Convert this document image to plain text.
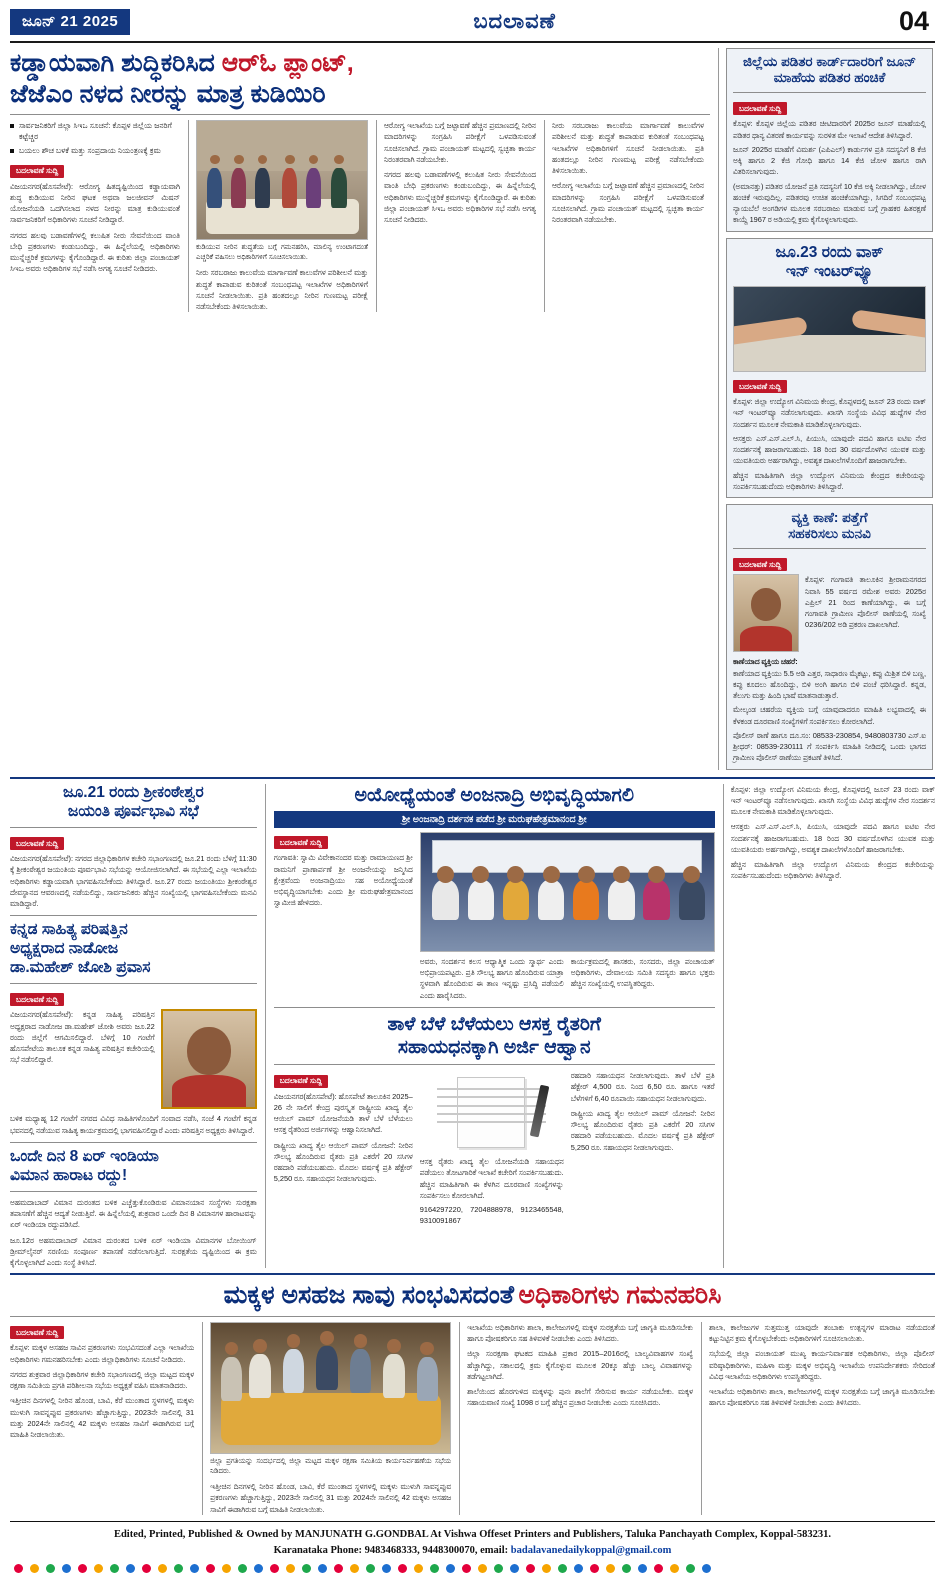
ಜೂನ್ 21 2025	ಬದಲಾವಣೆ	04
ಕಡ್ಡಾಯವಾಗಿ ಶುದ್ಧಿಕರಿಸಿದ ಆರ್‌ಓ ಪ್ಲಾಂಟ್‌,
ಜೆಜೆಎಂ ನಳದ ನೀರನ್ನು ಮಾತ್ರ ಕುಡಿಯಿರಿ
ಸಾರ್ವಜನಿಕರಿಗೆ ಜಿಲ್ಲಾ ಸಿಇಒ ಸೂಚನೆ: ಕೊಪ್ಪಳ ಜಿಲ್ಲೆಯ ಜನರಿಗೆ ಕಟ್ಟೆಚ್ಚರ
ಬಯಲು ಶೌಚ ಬಳಕೆ ಮತ್ತು ಸಂಪ್ರದಾಯ ನಿಯಂತ್ರಣಕ್ಕೆ ಕ್ರಮ
ಬದಲಾವಣೆ ಸುದ್ದಿ
ವಿಜಯನಗರ(ಹೊಸಪೇಟೆ): ಆರೋಗ್ಯ ಹಿತದೃಷ್ಟಿಯಿಂದ ಕಡ್ಡಾಯವಾಗಿ ಶುದ್ಧ ಕುಡಿಯುವ ನೀರಿನ ಘಟಕ ಅಥವಾ ಜಲಜೀವನ್ ಮಿಷನ್ ಯೋಜನೆಯಡಿ ಒದಗಿಸಲಾದ ನಳದ ನೀರನ್ನು ಮಾತ್ರ ಕುಡಿಯುವಂತೆ ಸಾರ್ವಜನಿಕರಿಗೆ ಅಧಿಕಾರಿಗಳು ಸೂಚನೆ ನೀಡಿದ್ದಾರೆ.
ನಗರದ ಹಲವು ಬಡಾವಣೆಗಳಲ್ಲಿ ಕಲುಷಿತ ನೀರು ಸೇವನೆಯಿಂದ ವಾಂತಿ ಬೇಧಿ ಪ್ರಕರಣಗಳು ಕಂಡುಬಂದಿದ್ದು, ಈ ಹಿನ್ನೆಲೆಯಲ್ಲಿ ಅಧಿಕಾರಿಗಳು ಮುನ್ನೆಚ್ಚರಿಕೆ ಕ್ರಮಗಳನ್ನು ಕೈಗೊಂಡಿದ್ದಾರೆ. ಈ ಕುರಿತು ಜಿಲ್ಲಾ ಪಂಚಾಯತ್ ಸಿಇಒ ಅವರು ಅಧಿಕಾರಿಗಳ ಸಭೆ ನಡೆಸಿ ಅಗತ್ಯ ಸೂಚನೆ ನೀಡಿದರು.
ಕುಡಿಯುವ ನೀರಿನ ಶುದ್ಧತೆಯ ಬಗ್ಗೆ ಗಮನಹರಿಸಿ, ಮಾಲಿನ್ಯ ಉಂಟಾಗದಂತೆ ಎಚ್ಚರಿಕೆ ವಹಿಸಲು ಅಧಿಕಾರಿಗಳಿಗೆ ಸೂಚಿಸಲಾಯಿತು.
ನೀರು ಸರಬರಾಜು ಕಾಲುವೆಯ ಮಾರ್ಗಾವಣೆ ಕಾಲುವೆಗಳ ಪರಿಶೀಲನೆ ಮತ್ತು ಶುದ್ಧತೆ ಕಾಪಾಡುವ ಕುರಿತಂತೆ ಸಂಬಂಧಪಟ್ಟ ಇಲಾಖೆಗಳ ಅಧಿಕಾರಿಗಳಿಗೆ ಸೂಚನೆ ನೀಡಲಾಯಿತು. ಪ್ರತಿ ಹಂತದಲ್ಲೂ ನೀರಿನ ಗುಣಮಟ್ಟ ಪರೀಕ್ಷೆ ನಡೆಸಬೇಕೆಂದು ತಿಳಿಸಲಾಯಿತು.
ಆರೋಗ್ಯ ಇಲಾಖೆಯ ಬಗ್ಗೆ ಜಟ್ಟಾವಣೆ ಹೆಚ್ಚಿನ ಪ್ರಮಾಣದಲ್ಲಿ ನೀರಿನ ಮಾದರಿಗಳನ್ನು ಸಂಗ್ರಹಿಸಿ ಪರೀಕ್ಷೆಗೆ ಒಳಪಡಿಸುವಂತೆ ಸೂಚಿಸಲಾಗಿದೆ. ಗ್ರಾಮ ಪಂಚಾಯತ್ ಮಟ್ಟದಲ್ಲಿ ಸ್ವಚ್ಛತಾ ಕಾರ್ಯ ನಿರಂತರವಾಗಿ ನಡೆಯಬೇಕು.
ನಗರದ ಹಲವು ಬಡಾವಣೆಗಳಲ್ಲಿ ಕಲುಷಿತ ನೀರು ಸೇವನೆಯಿಂದ ವಾಂತಿ ಬೇಧಿ ಪ್ರಕರಣಗಳು ಕಂಡುಬಂದಿದ್ದು, ಈ ಹಿನ್ನೆಲೆಯಲ್ಲಿ ಅಧಿಕಾರಿಗಳು ಮುನ್ನೆಚ್ಚರಿಕೆ ಕ್ರಮಗಳನ್ನು ಕೈಗೊಂಡಿದ್ದಾರೆ. ಈ ಕುರಿತು ಜಿಲ್ಲಾ ಪಂಚಾಯತ್ ಸಿಇಒ ಅವರು ಅಧಿಕಾರಿಗಳ ಸಭೆ ನಡೆಸಿ ಅಗತ್ಯ ಸೂಚನೆ ನೀಡಿದರು.
ನೀರು ಸರಬರಾಜು ಕಾಲುವೆಯ ಮಾರ್ಗಾವಣೆ ಕಾಲುವೆಗಳ ಪರಿಶೀಲನೆ ಮತ್ತು ಶುದ್ಧತೆ ಕಾಪಾಡುವ ಕುರಿತಂತೆ ಸಂಬಂಧಪಟ್ಟ ಇಲಾಖೆಗಳ ಅಧಿಕಾರಿಗಳಿಗೆ ಸೂಚನೆ ನೀಡಲಾಯಿತು. ಪ್ರತಿ ಹಂತದಲ್ಲೂ ನೀರಿನ ಗುಣಮಟ್ಟ ಪರೀಕ್ಷೆ ನಡೆಸಬೇಕೆಂದು ತಿಳಿಸಲಾಯಿತು.
ಆರೋಗ್ಯ ಇಲಾಖೆಯ ಬಗ್ಗೆ ಜಟ್ಟಾವಣೆ ಹೆಚ್ಚಿನ ಪ್ರಮಾಣದಲ್ಲಿ ನೀರಿನ ಮಾದರಿಗಳನ್ನು ಸಂಗ್ರಹಿಸಿ ಪರೀಕ್ಷೆಗೆ ಒಳಪಡಿಸುವಂತೆ ಸೂಚಿಸಲಾಗಿದೆ. ಗ್ರಾಮ ಪಂಚಾಯತ್ ಮಟ್ಟದಲ್ಲಿ ಸ್ವಚ್ಛತಾ ಕಾರ್ಯ ನಿರಂತರವಾಗಿ ನಡೆಯಬೇಕು.
ಜಿಲ್ಲೆಯ ಪಡಿತರ ಕಾರ್ಡ್‌ದಾರರಿಗೆ ಜೂನ್ ಮಾಹೆಯ ಪಡಿತರ ಹಂಚಿಕೆ
ಬದಲಾವಣೆ ಸುದ್ದಿ
ಕೊಪ್ಪಳ: ಕೊಪ್ಪಳ ಜಿಲ್ಲೆಯ ಪಡಿತರ ಚೀಟಿದಾರರಿಗೆ 2025ರ ಜೂನ್ ಮಾಹೆಯಲ್ಲಿ ಪಡಿತರ ಧಾನ್ಯ ವಿತರಣೆ ಕಾರ್ಯವನ್ನು ಸುರಳಿತ ಮೇ ಇಲಾಖೆ ಆದೇಶ ತಿಳಿಸಿದ್ದಾರೆ.
ಜೂನ್ 2025ರ ಮಾಹೆಗೆ ವಿಮರ್ಶ (ಎಪಿಎಲ್) ಕಾರ್ಡುಗಳ ಪ್ರತಿ ಸದಸ್ಯನಿಗೆ 8 ಕೆಜಿ ಅಕ್ಕಿ ಹಾಗೂ 2 ಕೆಜಿ ಗೋಧಿ ಹಾಗೂ 14 ಕೆಜಿ ಜೋಳ ಹಾಗೂ ರಾಗಿ ವಿತರಿಸಲಾಗುವುದು.
(ಅಮಾನತ್ತು) ಪಡಿತರ ಯೋಜನೆ ಪ್ರತಿ ಸದಸ್ಯನಿಗೆ 10 ಕೆಜಿ ಅಕ್ಕಿ ನೀಡಲಾಗಿದ್ದು, ಜೋಳ ಹಂಚಿಕೆ ಇರುವುದಿಲ್ಲ. ಪಡಿತರವು ಉಚಿತ ಹಂಚಿಕೆಯಾಗಿದ್ದು, ಸಿಗದಿರೆ ಸಂಬಂಧಪಟ್ಟ ನ್ಯಾಯಬೆಲೆ ಅಂಗಡಿಗಳ ಮೂಲಕ ಸರಬರಾಜು ಮಾಡುವ ಬಗ್ಗೆ ಗ್ರಾಹಕರ ಹಿತರಕ್ಷಣೆ ಕಾಯ್ದೆ 1967 ರ ಅಡಿಯಲ್ಲಿ ಕ್ರಮ ಕೈಗೊಳ್ಳಲಾಗುವುದು.
ಜೂ.23 ರಂದು ವಾಕ್‌
ಇನ್‌ ಇಂಟರ್‌ವ್ಯೂ
ಬದಲಾವಣೆ ಸುದ್ದಿ
ಕೊಪ್ಪಳ: ಜಿಲ್ಲಾ ಉದ್ಯೋಗ ವಿನಿಮಯ ಕೇಂದ್ರ, ಕೊಪ್ಪಳದಲ್ಲಿ ಜೂನ್ 23 ರಂದು ವಾಕ್ ಇನ್ ಇಂಟರ್‌ವ್ಯೂ ನಡೆಸಲಾಗುವುದು. ಖಾಸಗಿ ಸಂಸ್ಥೆಯ ವಿವಿಧ ಹುದ್ದೆಗಳ ನೇರ ಸಂದರ್ಶನ ಮೂಲಕ ನೇಮಕಾತಿ ಮಾಡಿಕೊಳ್ಳಲಾಗುವುದು.
ಆಸಕ್ತರು ಎಸ್.ಎಸ್.ಎಲ್.ಸಿ, ಪಿಯುಸಿ, ಯಾವುದೇ ಪದವಿ ಹಾಗೂ ಐಟಿಐ ನೇರ ಸಂದರ್ಶನಕ್ಕೆ ಹಾಜರಾಗಬಹುದು. 18 ರಿಂದ 30 ವರ್ಷದೊಳಗಿನ ಯುವಕ ಮತ್ತು ಯುವತಿಯರು ಅರ್ಹರಾಗಿದ್ದು, ಅವಶ್ಯಕ ದಾಖಲೆಗಳೊಂದಿಗೆ ಹಾಜರಾಗಬೇಕು.
ಹೆಚ್ಚಿನ ಮಾಹಿತಿಗಾಗಿ ಜಿಲ್ಲಾ ಉದ್ಯೋಗ ವಿನಿಮಯ ಕೇಂದ್ರದ ಕಚೇರಿಯನ್ನು ಸಂಪರ್ಕಿಸಬಹುದೆಂದು ಅಧಿಕಾರಿಗಳು ತಿಳಿಸಿದ್ದಾರೆ.
ವ್ಯಕ್ತಿ ಕಾಣೆ: ಪತ್ತೆಗೆ
ಸಹಕರಿಸಲು ಮನವಿ
ಬದಲಾವಣೆ ಸುದ್ದಿ
ಕೊಪ್ಪಳ: ಗಂಗಾವತಿ ತಾಲೂಕಿನ ಶ್ರೀರಾಮನಗರದ ನಿವಾಸಿ 55 ವರ್ಷದ ರಮೇಶ ಅವರು 2025ರ ಎಪ್ರಿಲ್ 21 ರಿಂದ ಕಾಣೆಯಾಗಿದ್ದು, ಈ ಬಗ್ಗೆ ಗಂಗಾವತಿ ಗ್ರಾಮೀಣ ಪೊಲೀಸ್ ಠಾಣೆಯಲ್ಲಿ ಸಂಖ್ಯೆ 0236/202 ಅಡಿ ಪ್ರಕರಣ ದಾಖಲಾಗಿದೆ.
ಕಾಣೆಯಾದ ವ್ಯಕ್ತಿಯ ಚಹರೆ:
ಕಾಣೆಯಾದ ವ್ಯಕ್ತಿಯು 5.5 ಅಡಿ ಎತ್ತರ, ಸಾಧಾರಣ ಮೈಕಟ್ಟು, ಕಪ್ಪು ಮಿಶ್ರಿತ ಬಿಳಿ ಬಣ್ಣ, ಕಪ್ಪು ಕೂದಲು ಹೊಂದಿದ್ದು, ಬಿಳಿ ಅಂಗಿ ಹಾಗೂ ಬಿಳಿ ಪಂಚೆ ಧರಿಸಿದ್ದಾರೆ. ಕನ್ನಡ, ತೆಲುಗು ಮತ್ತು ಹಿಂದಿ ಭಾಷೆ ಮಾತನಾಡುತ್ತಾರೆ.
ಮೇಲ್ಕಂಡ ಚಹರೆಯ ವ್ಯಕ್ತಿಯ ಬಗ್ಗೆ ಯಾವುದಾದರೂ ಮಾಹಿತಿ ಲಭ್ಯವಾದಲ್ಲಿ ಈ ಕೆಳಕಂಡ ದೂರವಾಣಿ ಸಂಖ್ಯೆಗಳಿಗೆ ಸಂಪರ್ಕಿಸಲು ಕೋರಲಾಗಿದೆ.
ಪೊಲೀಸ್ ಠಾಣೆ ಹಾಗೂ ದೂ.ಸಂ: 08533-230854, 9480803730 ಎಸ್.ಐ ಶ್ರೀಧರ್: 08539-230111 ಗೆ ಸಂಪರ್ಕಿಸಿ ಮಾಹಿತಿ ನೀಡಿದಲ್ಲಿ ಒಂದು ಭಾಗದ ಗ್ರಾಮೀಣ ಪೊಲೀಸ್ ಠಾಣೆಯು ಪ್ರಕಟಣೆ ತಿಳಿಸಿದೆ.
ಜೂ.21 ರಂದು ಶ್ರೀಕಂಠೇಶ್ವರ
ಜಯಂತಿ ಪೂರ್ವಭಾವಿ ಸಭೆ
ಬದಲಾವಣೆ ಸುದ್ದಿ
ವಿಜಯನಗರ(ಹೊಸಪೇಟೆ): ನಗರದ ಜಿಲ್ಲಾಧಿಕಾರಿಗಳ ಕಚೇರಿ ಸಭಾಂಗಣದಲ್ಲಿ ಜೂ.21 ರಂದು ಬೆಳಿಗ್ಗೆ 11:30 ಕ್ಕೆ ಶ್ರೀಕಂಠೇಶ್ವರ ಜಯಂತಿಯ ಪೂರ್ವಭಾವಿ ಸಭೆಯನ್ನು ಆಯೋಜಿಸಲಾಗಿದೆ. ಈ ಸಭೆಯಲ್ಲಿ ಎಲ್ಲಾ ಇಲಾಖೆಯ ಅಧಿಕಾರಿಗಳು ಕಡ್ಡಾಯವಾಗಿ ಭಾಗವಹಿಸಬೇಕೆಂದು ತಿಳಿಸಿದ್ದಾರೆ. ಜೂ.27 ರಂದು ಜಯಂತಿಯು ಶ್ರೀಕಂಠೇಶ್ವರ ದೇವಸ್ಥಾನದ ಆವರಣದಲ್ಲಿ ನಡೆಯಲಿದ್ದು, ಸಾರ್ವಜನಿಕರು ಹೆಚ್ಚಿನ ಸಂಖ್ಯೆಯಲ್ಲಿ ಭಾಗವಹಿಸಬೇಕೆಂದು ಮನವಿ ಮಾಡಿದ್ದಾರೆ.
ಕನ್ನಡ ಸಾಹಿತ್ಯ ಪರಿಷತ್ತಿನ
ಅಧ್ಯಕ್ಷರಾದ ನಾಡೋಜ
ಡಾ.ಮಹೇಶ್‌ ಜೋಶಿ ಪ್ರವಾಸ
ಬದಲಾವಣೆ ಸುದ್ದಿ
ವಿಜಯನಗರ(ಹೊಸಪೇಟೆ): ಕನ್ನಡ ಸಾಹಿತ್ಯ ಪರಿಷತ್ತಿನ ಅಧ್ಯಕ್ಷರಾದ ನಾಡೋಜ ಡಾ.ಮಹೇಶ್ ಜೋಶಿ ಅವರು ಜೂ.22 ರಂದು ಜಿಲ್ಲೆಗೆ ಆಗಮಿಸಲಿದ್ದಾರೆ. ಬೆಳಿಗ್ಗೆ 10 ಗಂಟೆಗೆ ಹೊಸಪೇಟೆಯ ತಾಲೂಕ ಕನ್ನಡ ಸಾಹಿತ್ಯ ಪರಿಷತ್ತಿನ ಕಚೇರಿಯಲ್ಲಿ ಸಭೆ ನಡೆಸಲಿದ್ದಾರೆ.
ಬಳಿಕ ಮಧ್ಯಾಹ್ನ 12 ಗಂಟೆಗೆ ನಗರದ ವಿವಿಧ ಸಾಹಿತಿಗಳೊಂದಿಗೆ ಸಂವಾದ ನಡೆಸಿ, ಸಂಜೆ 4 ಗಂಟೆಗೆ ಕನ್ನಡ ಭವನದಲ್ಲಿ ನಡೆಯುವ ಸಾಹಿತ್ಯ ಕಾರ್ಯಕ್ರಮದಲ್ಲಿ ಭಾಗವಹಿಸಲಿದ್ದಾರೆ ಎಂದು ಪರಿಷತ್ತಿನ ಅಧ್ಯಕ್ಷರು ತಿಳಿಸಿದ್ದಾರೆ.
ಒಂದೇ ದಿನ 8 ಏರ್‌ ಇಂಡಿಯಾ
ವಿಮಾನ ಹಾರಾಟ ರದ್ದು!
ಅಹಮದಾಬಾದ್ ವಿಮಾನ ದುರಂತದ ಬಳಿಕ ಎಚ್ಚೆತ್ತುಕೊಂಡಿರುವ ವಿಮಾನಯಾನ ಸಂಸ್ಥೆಗಳು ಸುರಕ್ಷತಾ ತಪಾಸಣೆಗೆ ಹೆಚ್ಚಿನ ಆದ್ಯತೆ ನೀಡುತ್ತಿವೆ. ಈ ಹಿನ್ನೆಲೆಯಲ್ಲಿ ಶುಕ್ರವಾರ ಒಂದೇ ದಿನ 8 ವಿಮಾನಗಳ ಹಾರಾಟವನ್ನು ಏರ್ ಇಂಡಿಯಾ ರದ್ದುಪಡಿಸಿದೆ.
ಜೂ.12ರ ಅಹಮದಾಬಾದ್ ವಿಮಾನ ದುರಂತದ ಬಳಿಕ ಏರ್ ಇಂಡಿಯಾ ವಿಮಾನಗಳ ಬೋಯಿಂಗ್ ಡ್ರೀಮ್‌ಲೈನರ್ ಸರಣಿಯ ಸಂಪೂರ್ಣ ತಪಾಸಣೆ ನಡೆಸಲಾಗುತ್ತಿದೆ. ಸುರಕ್ಷತೆಯ ದೃಷ್ಟಿಯಿಂದ ಈ ಕ್ರಮ ಕೈಗೊಳ್ಳಲಾಗಿದೆ ಎಂದು ಸಂಸ್ಥೆ ತಿಳಿಸಿದೆ.
ಅಯೋಧ್ಯೆಯಂತೆ ಅಂಜನಾದ್ರಿ ಅಭಿವೃದ್ಧಿಯಾಗಲಿ
ಶ್ರೀ ಅಂಜನಾದ್ರಿ ದರ್ಶನಕ ಪಡೆದ ಶ್ರೀ ಮರುಘಹೇತ್ರಮಾನಂದ ಶ್ರೀ
ಬದಲಾವಣೆ ಸುದ್ದಿ
ಗಂಗಾವತಿ: ಸ್ವಾಮಿ ವಿವೇಕಾನಂದರ ಮತ್ತು ರಾಮಾಯಣದ ಶ್ರೀ ರಾಮನಿಗೆ ಪ್ರಾಣಾರ್ಪಣೆ ಶ್ರೀ ಅಂಜನೇಯನ್ನು ಜನ್ಮಿಸಿದ ಕ್ಷೇತ್ರವೆಂದು ಅಂಜನಾದ್ರಿಯು ಸಹ ಅಯೋಧ್ಯೆಯಂತೆ ಅಭಿವೃದ್ಧಿಯಾಗಬೇಕು ಎಂದು ಶ್ರೀ ಮರುಘಹೇತ್ರಮಾನಂದ ಸ್ವಾಮೀಜಿ ಹೇಳಿದರು.
ಅವರು, ಸಂದರ್ಶನ ಕಲಸ ಆಧ್ಯಾತ್ಮಿಕ ಒಂದು ಸ್ಮಾರ್ಥ ಎಂದು ಅಭಿಪ್ರಾಯಪಟ್ಟರು. ಪ್ರತಿ ಸೌಲಭ್ಯ ಹಾಗೂ ಹೊಂದಿರುವ ಯಾತ್ರಾ ಸ್ಥಳವಾಗಿ ಹೊಂದಿರುವ ಈ ತಾಣ ಇನ್ನಷ್ಟು ಪ್ರಸಿದ್ಧಿ ಪಡೆಯಲಿ ಎಂದು ಹಾರೈಸಿದರು.
ಕಾರ್ಯಕ್ರಮದಲ್ಲಿ ಶಾಸಕರು, ಸಂಸದರು, ಜಿಲ್ಲಾ ಪಂಚಾಯತ್ ಅಧಿಕಾರಿಗಳು, ದೇವಾಲಯ ಸಮಿತಿ ಸದಸ್ಯರು ಹಾಗೂ ಭಕ್ತರು ಹೆಚ್ಚಿನ ಸಂಖ್ಯೆಯಲ್ಲಿ ಉಪಸ್ಥಿತರಿದ್ದರು.
ತಾಳೆ ಬೆಳೆ ಬೆಳೆಯಲು ಆಸಕ್ತ ರೈತರಿಗೆ
ಸಹಾಯಧನಕ್ಕಾಗಿ ಅರ್ಜಿ ಆಹ್ವಾನ
ಬದಲಾವಣೆ ಸುದ್ದಿ
ವಿಜಯನಗರ(ಹೊಸಪೇಟೆ): ಹೊಸಪೇಟೆ ತಾಲೂಕಿನ 2025–26 ನೇ ಸಾಲಿಗೆ ಕೇಂದ್ರ ಪುರಸ್ಕೃತ ರಾಷ್ಟ್ರೀಯ ಖಾದ್ಯ ತೈಲ ಆಯಿಲ್ ಪಾಮ್ ಯೋಜನೆಯಡಿ ತಾಳೆ ಬೆಳೆ ಬೆಳೆಯಲು ಆಸಕ್ತ ರೈತರಿಂದ ಅರ್ಜಿಗಳನ್ನು ಆಹ್ವಾನಿಸಲಾಗಿದೆ.
ರಾಷ್ಟ್ರೀಯ ಖಾದ್ಯ ತೈಲ ಆಯಿಲ್ ಪಾಮ್ ಯೋಜನೆ: ನೀರಿನ ಸೌಲಭ್ಯ ಹೊಂದಿರುವ ರೈತರು ಪ್ರತಿ ಎಕರೆಗೆ 20 ಸಸಿಗಳ ರಹದಾರಿ ಪಡೆಯಬಹುದು. ಮೊದಲ ವರ್ಷಕ್ಕೆ ಪ್ರತಿ ಹೆಕ್ಟೇರ್ 5,250 ರೂ. ಸಹಾಯಧನ ನೀಡಲಾಗುವುದು.
ಆಸಕ್ತ ರೈತರು ಖಾದ್ಯ ತೈಲ ಯೋಜನೆಯಡಿ ಸಹಾಯಧನ ಪಡೆಯಲು ತೋಟಗಾರಿಕೆ ಇಲಾಖೆ ಕಚೇರಿಗೆ ಸಂಪರ್ಕಿಸಬಹುದು. ಹೆಚ್ಚಿನ ಮಾಹಿತಿಗಾಗಿ ಈ ಕೆಳಗಿನ ದೂರವಾಣಿ ಸಂಖ್ಯೆಗಳನ್ನು ಸಂಪರ್ಕಿಸಲು ಕೋರಲಾಗಿದೆ.
9164297220, 7204888978, 9123465548, 9310091867
ರಹದಾರಿ ಸಹಾಯಧನ ನೀಡಲಾಗುವುದು. ತಾಳೆ ಬೆಳೆ ಪ್ರತಿ ಹೆಕ್ಟೇರ್ 4,500 ರೂ. ನಿಂದ 6,50 ರೂ. ಹಾಗೂ ಇತರೆ ಬೆಳೆಗಳಿಗೆ 6,40 ರೂಪಾಯಿ ಸಹಾಯಧನ ನೀಡಲಾಗುವುದು.
ರಾಷ್ಟ್ರೀಯ ಖಾದ್ಯ ತೈಲ ಆಯಿಲ್ ಪಾಮ್ ಯೋಜನೆ: ನೀರಿನ ಸೌಲಭ್ಯ ಹೊಂದಿರುವ ರೈತರು ಪ್ರತಿ ಎಕರೆಗೆ 20 ಸಸಿಗಳ ರಹದಾರಿ ಪಡೆಯಬಹುದು. ಮೊದಲ ವರ್ಷಕ್ಕೆ ಪ್ರತಿ ಹೆಕ್ಟೇರ್ 5,250 ರೂ. ಸಹಾಯಧನ ನೀಡಲಾಗುವುದು.
ಕೊಪ್ಪಳ: ಜಿಲ್ಲಾ ಉದ್ಯೋಗ ವಿನಿಮಯ ಕೇಂದ್ರ, ಕೊಪ್ಪಳದಲ್ಲಿ ಜೂನ್ 23 ರಂದು ವಾಕ್ ಇನ್ ಇಂಟರ್‌ವ್ಯೂ ನಡೆಸಲಾಗುವುದು. ಖಾಸಗಿ ಸಂಸ್ಥೆಯ ವಿವಿಧ ಹುದ್ದೆಗಳ ನೇರ ಸಂದರ್ಶನ ಮೂಲಕ ನೇಮಕಾತಿ ಮಾಡಿಕೊಳ್ಳಲಾಗುವುದು.
ಆಸಕ್ತರು ಎಸ್.ಎಸ್.ಎಲ್.ಸಿ, ಪಿಯುಸಿ, ಯಾವುದೇ ಪದವಿ ಹಾಗೂ ಐಟಿಐ ನೇರ ಸಂದರ್ಶನಕ್ಕೆ ಹಾಜರಾಗಬಹುದು. 18 ರಿಂದ 30 ವರ್ಷದೊಳಗಿನ ಯುವಕ ಮತ್ತು ಯುವತಿಯರು ಅರ್ಹರಾಗಿದ್ದು, ಅವಶ್ಯಕ ದಾಖಲೆಗಳೊಂದಿಗೆ ಹಾಜರಾಗಬೇಕು.
ಹೆಚ್ಚಿನ ಮಾಹಿತಿಗಾಗಿ ಜಿಲ್ಲಾ ಉದ್ಯೋಗ ವಿನಿಮಯ ಕೇಂದ್ರದ ಕಚೇರಿಯನ್ನು ಸಂಪರ್ಕಿಸಬಹುದೆಂದು ಅಧಿಕಾರಿಗಳು ತಿಳಿಸಿದ್ದಾರೆ.
ಮಕ್ಕಳ ಅಸಹಜ ಸಾವು ಸಂಭವಿಸದಂತೆ ಅಧಿಕಾರಿಗಳು ಗಮನಹರಿಸಿ
ಬದಲಾವಣೆ ಸುದ್ದಿ
ಕೊಪ್ಪಳ: ಮಕ್ಕಳ ಅಸಹಜ ಸಾವಿನ ಪ್ರಕರಣಗಳು ಸಂಭವಿಸದಂತೆ ಎಲ್ಲಾ ಇಲಾಖೆಯ ಅಧಿಕಾರಿಗಳು ಗಮನಹರಿಸಬೇಕು ಎಂದು ಜಿಲ್ಲಾಧಿಕಾರಿಗಳು ಸೂಚನೆ ನೀಡಿದರು.
ನಗರದ ಶುಕ್ರವಾರ ಜಿಲ್ಲಾಧಿಕಾರಿಗಳ ಕಚೇರಿ ಸಭಾಂಗಣದಲ್ಲಿ ಜಿಲ್ಲಾ ಮಟ್ಟದ ಮಕ್ಕಳ ರಕ್ಷಣಾ ಸಮಿತಿಯ ಪ್ರಗತಿ ಪರಿಶೀಲನಾ ಸಭೆಯ ಅಧ್ಯಕ್ಷತೆ ವಹಿಸಿ ಮಾತನಾಡಿದರು.
ಇತ್ತೀಚಿನ ದಿನಗಳಲ್ಲಿ ನೀರಿನ ಹೊಂಡ, ಬಾವಿ, ಕೆರೆ ಮುಂತಾದ ಸ್ಥಳಗಳಲ್ಲಿ ಮಕ್ಕಳು ಮುಳುಗಿ ಸಾವನ್ನಪ್ಪುವ ಪ್ರಕರಣಗಳು ಹೆಚ್ಚಾಗುತ್ತಿದ್ದು, 2023ನೇ ಸಾಲಿನಲ್ಲಿ 31 ಮತ್ತು 2024ನೇ ಸಾಲಿನಲ್ಲಿ 42 ಮಕ್ಕಳು ಅಸಹಜ ಸಾವಿಗೆ ಈಡಾಗಿರುವ ಬಗ್ಗೆ ಮಾಹಿತಿ ನೀಡಲಾಯಿತು.
ಜಿಲ್ಲಾ ಪ್ರಗತಿಯನ್ನು ಸಂದರ್ಭದಲ್ಲಿ ಜಿಲ್ಲಾ ಮಟ್ಟದ ಮಕ್ಕಳ ರಕ್ಷಣಾ ಸಮಿತಿಯ ಕಾರ್ಯನಿರ್ವಹಣೆಯ ಸಭೆಯ ನಿಡಿದರು.
ಇತ್ತೀಚಿನ ದಿನಗಳಲ್ಲಿ ನೀರಿನ ಹೊಂಡ, ಬಾವಿ, ಕೆರೆ ಮುಂತಾದ ಸ್ಥಳಗಳಲ್ಲಿ ಮಕ್ಕಳು ಮುಳುಗಿ ಸಾವನ್ನಪ್ಪುವ ಪ್ರಕರಣಗಳು ಹೆಚ್ಚಾಗುತ್ತಿದ್ದು, 2023ನೇ ಸಾಲಿನಲ್ಲಿ 31 ಮತ್ತು 2024ನೇ ಸಾಲಿನಲ್ಲಿ 42 ಮಕ್ಕಳು ಅಸಹಜ ಸಾವಿಗೆ ಈಡಾಗಿರುವ ಬಗ್ಗೆ ಮಾಹಿತಿ ನೀಡಲಾಯಿತು.
ಇಲಾಖೆಯ ಅಧಿಕಾರಿಗಳು ಶಾಲಾ, ಕಾಲೇಜುಗಳಲ್ಲಿ ಮಕ್ಕಳ ಸುರಕ್ಷತೆಯ ಬಗ್ಗೆ ಜಾಗೃತಿ ಮೂಡಿಸಬೇಕು ಹಾಗೂ ಪೋಷಕರಿಗೂ ಸಹ ತಿಳಿವಳಿಕೆ ನೀಡಬೇಕು ಎಂದು ತಿಳಿಸಿದರು.
ಜಿಲ್ಲಾ ಸಂರಕ್ಷಣಾ ಘಟಕದ ಮಾಹಿತಿ ಪ್ರಕಾರ 2015–2016ರಲ್ಲಿ ಬಾಲ್ಯವಿವಾಹಗಳ ಸಂಖ್ಯೆ ಹೆಚ್ಚಾಗಿದ್ದು, ಸಕಾಲದಲ್ಲಿ ಕ್ರಮ ಕೈಗೊಳ್ಳುವ ಮೂಲಕ 20ಕ್ಕೂ ಹೆಚ್ಚು ಬಾಲ್ಯ ವಿವಾಹಗಳನ್ನು ತಡೆಗಟ್ಟಲಾಗಿದೆ.
ಶಾಲೆಯಿಂದ ಹೊರಗುಳಿದ ಮಕ್ಕಳನ್ನು ಪುನಃ ಶಾಲೆಗೆ ಸೇರಿಸುವ ಕಾರ್ಯ ನಡೆಯಬೇಕು. ಮಕ್ಕಳ ಸಹಾಯವಾಣಿ ಸಂಖ್ಯೆ 1098 ರ ಬಗ್ಗೆ ಹೆಚ್ಚಿನ ಪ್ರಚಾರ ನೀಡಬೇಕು ಎಂದು ಸೂಚಿಸಿದರು.
ಶಾಲಾ, ಕಾಲೇಜುಗಳ ಸುತ್ತಮುತ್ತ ಯಾವುದೇ ತಂಬಾಕು ಉತ್ಪನ್ನಗಳ ಮಾರಾಟ ನಡೆಯದಂತೆ ಕಟ್ಟುನಿಟ್ಟಿನ ಕ್ರಮ ಕೈಗೊಳ್ಳಬೇಕೆಂದು ಅಧಿಕಾರಿಗಳಿಗೆ ಸೂಚಿಸಲಾಯಿತು.
ಸಭೆಯಲ್ಲಿ ಜಿಲ್ಲಾ ಪಂಚಾಯತ್ ಮುಖ್ಯ ಕಾರ್ಯನಿರ್ವಾಹಕ ಅಧಿಕಾರಿಗಳು, ಜಿಲ್ಲಾ ಪೊಲೀಸ್ ವರಿಷ್ಠಾಧಿಕಾರಿಗಳು, ಮಹಿಳಾ ಮತ್ತು ಮಕ್ಕಳ ಅಭಿವೃದ್ಧಿ ಇಲಾಖೆಯ ಉಪನಿರ್ದೇಶಕರು ಸೇರಿದಂತೆ ವಿವಿಧ ಇಲಾಖೆಯ ಅಧಿಕಾರಿಗಳು ಉಪಸ್ಥಿತರಿದ್ದರು.
ಇಲಾಖೆಯ ಅಧಿಕಾರಿಗಳು ಶಾಲಾ, ಕಾಲೇಜುಗಳಲ್ಲಿ ಮಕ್ಕಳ ಸುರಕ್ಷತೆಯ ಬಗ್ಗೆ ಜಾಗೃತಿ ಮೂಡಿಸಬೇಕು ಹಾಗೂ ಪೋಷಕರಿಗೂ ಸಹ ತಿಳಿವಳಿಕೆ ನೀಡಬೇಕು ಎಂದು ತಿಳಿಸಿದರು.
Edited, Printed, Published & Owned by MANJUNATH G.GONDBAL At Vishwa Offeset Printers and Publishers, Taluka Panchayath Complex, Koppal-583231.
Karanataka Phone: 9483468333, 9448300070, email: badalavanedailykoppal@gmail.com
